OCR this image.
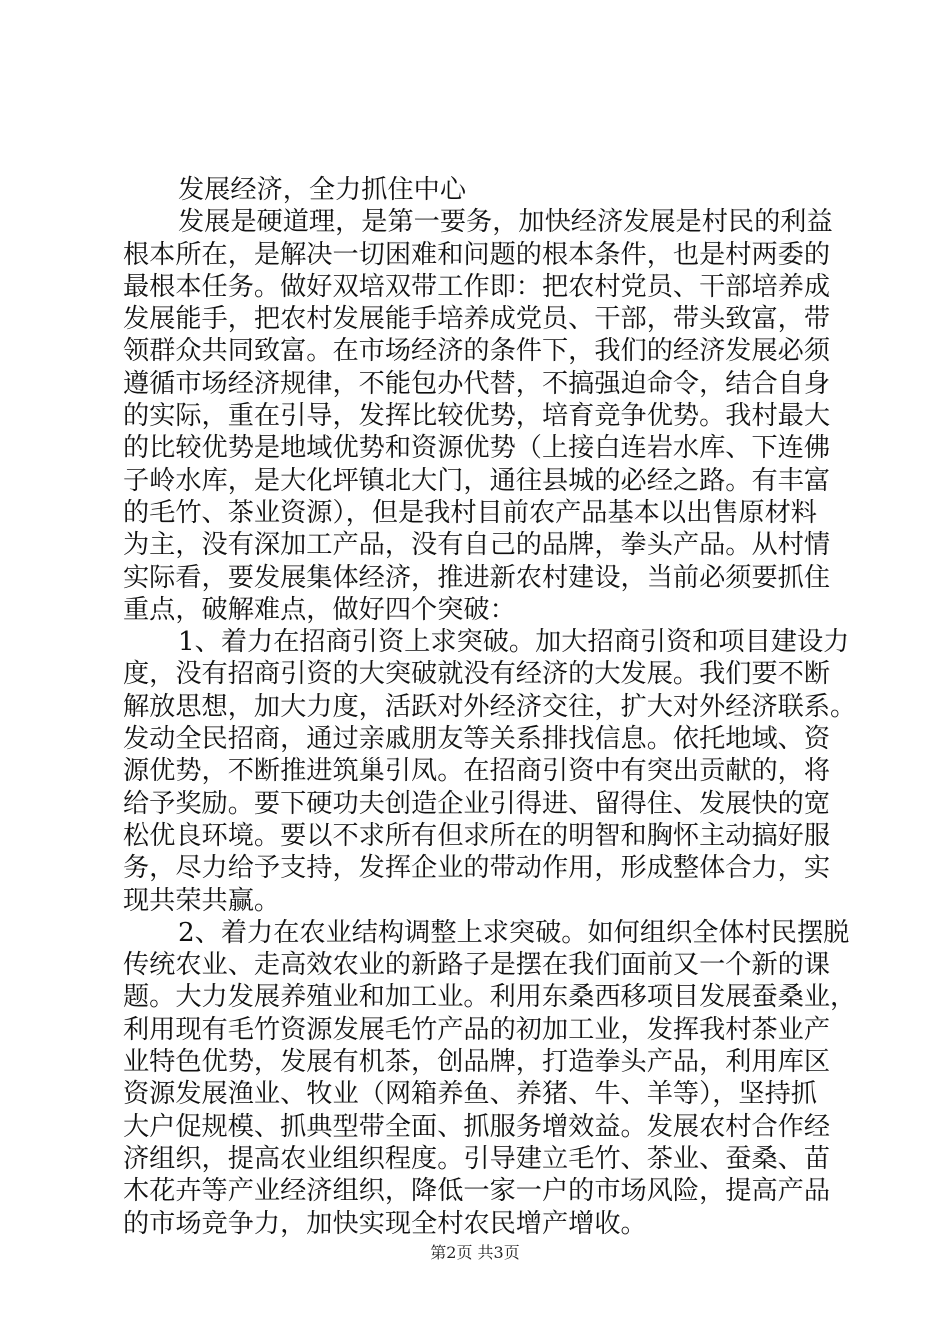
发展经济，全力抓住中心

发展是硬道理，是第一要务，加快经济发展是村民的利益
根本所在，是解决一切困难和问题的根本条件，也是村两委的
最根本任务。做好双培双带工作即：把农村党员、干部培养成
发展能手，把农村发展能手培养成党员、干部，带头致富，带
领群众共同致富。在市场经济的条件下，我们的经济发展必须
遵循市场经济规律，不能包办代替，不搞强迫命令，结合自身
的实际，重在引导，发挥比较优势，培育竞争优势。我村最大
的比较优势是地域优势和资源优势（上接白连岩水库、下连佛
子岭水库，是大化坪镇北大门，通往县城的必经之路。有丰富
的毛竹、茶业资源），但是我村目前农产品基本以出售原材料
为主，没有深加工产品，没有自己的品牌，拳头产品。从村情
实际看，要发展集体经济，推进新农村建设，当前必须要抓住
重点，破解难点，做好四个突破：

1、着力在招商引资上求突破。加大招商引资和项目建设力
度，没有招商引资的大突破就没有经济的大发展。我们要不断
解放思想，加大力度，活跃对外经济交往，扩大对外经济联系。
发动全民招商，通过亲戚朋友等关系排找信息。依托地域、资
源优势，不断推进筑巢引凤。在招商引资中有突出贡献的，将
给予奖励。要下硬功夫创造企业引得进、留得住、发展快的宽
松优良环境。要以不求所有但求所在的明智和胸怀主动搞好服
务，尽力给予支持，发挥企业的带动作用，形成整体合力，实
现共荣共赢。

2、着力在农业结构调整上求突破。如何组织全体村民摆脱
传统农业、走高效农业的新路子是摆在我们面前又一个新的课
题。大力发展养殖业和加工业。利用东桑西移项目发展蚕桑业，
利用现有毛竹资源发展毛竹产品的初加工业，发挥我村茶业产
业特色优势，发展有机茶，创品牌，打造拳头产品，利用库区
资源发展渔业、牧业（网箱养鱼、养猪、牛、羊等），坚持抓
大户促规模、抓典型带全面、抓服务增效益。发展农村合作经
济组织，提高农业组织程度。引导建立毛竹、茶业、蚕桑、苗
木花卉等产业经济组织，降低一家一户的市场风险，提高产品
的市场竞争力，加快实现全村农民增产增收。

第2页 共3页
